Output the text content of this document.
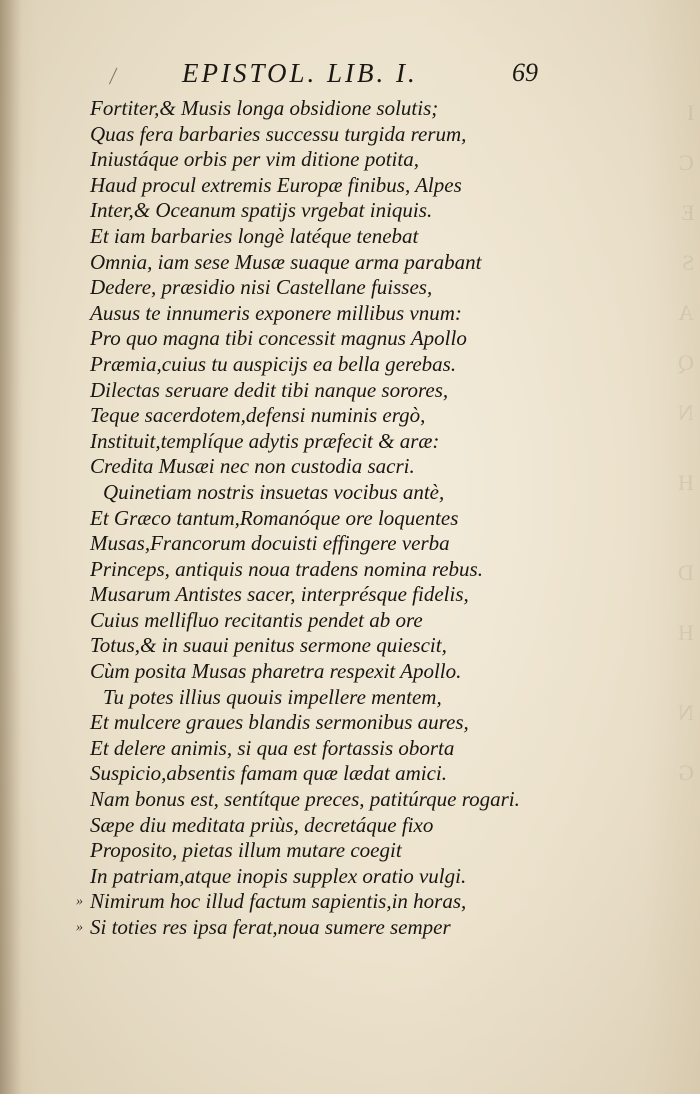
I
C
E
S
A
Q
N
H
D
H
N
G
EPISTOL. LIB. I.	69
Fortiter,& Musis longa obsidione solutis;
Quas fera barbaries successu turgida rerum,
Iniustáque orbis per vim ditione potita,
Haud procul extremis Europæ finibus, Alpes
Inter,& Oceanum spatijs vrgebat iniquis.
Et iam barbaries longè latéque tenebat
Omnia, iam sese Musæ suaque arma parabant
Dedere, præsidio nisi Castellane fuisses,
Ausus te innumeris exponere millibus vnum:
Pro quo magna tibi concessit magnus Apollo
Præmia,cuius tu auspicijs ea bella gerebas.
Dilectas seruare dedit tibi nanque sorores,
Teque sacerdotem,defensi numinis ergò,
Instituit,templíque adytis præfecit & aræ:
Credita Musæi nec non custodia sacri.
Quinetiam nostris insuetas vocibus antè,
Et Græco tantum,Romanóque ore loquentes
Musas,Francorum docuisti effingere verba
Princeps, antiquis noua tradens nomina rebus.
Musarum Antistes sacer, interprésque fidelis,
Cuius mellifluo recitantis pendet ab ore
Totus,& in suaui penitus sermone quiescit,
Cùm posita Musas pharetra respexit Apollo.
Tu potes illius quouis impellere mentem,
Et mulcere graues blandis sermonibus aures,
Et delere animis, si qua est fortassis oborta
Suspicio,absentis famam quæ lædat amici.
Nam bonus est, sentítque preces, patitúrque rogari.
Sæpe diu meditata priùs, decretáque fixo
Proposito, pietas illum mutare coegit
In patriam,atque inopis supplex oratio vulgi.
» Nimirum hoc illud factum sapientis,in horas,
» Si toties res ipsa ferat,noua sumere semper
